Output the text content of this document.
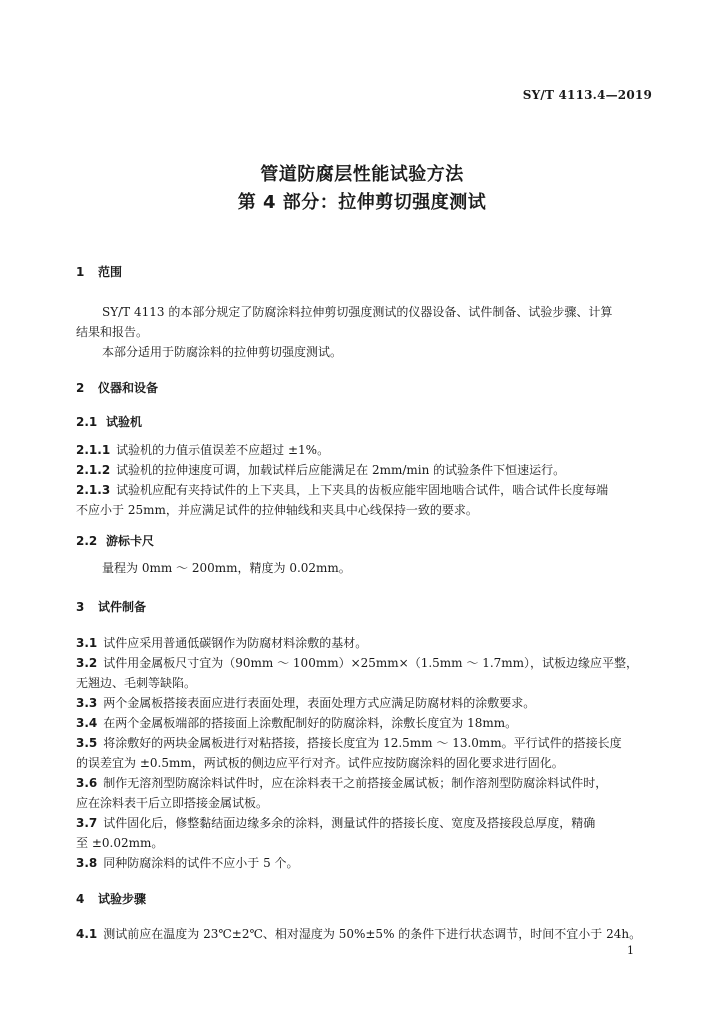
SY/T 4113.4—2019
管道防腐层性能试验方法
第 4 部分：拉伸剪切强度测试
1 范围
SY/T 4113 的本部分规定了防腐涂料拉伸剪切强度测试的仪器设备、试件制备、试验步骤、计算
结果和报告。
本部分适用于防腐涂料的拉伸剪切强度测试。
2 仪器和设备
2.1 试验机
2.1.1 试验机的力值示值误差不应超过 ±1%。
2.1.2 试验机的拉伸速度可调，加载试样后应能满足在 2mm/min 的试验条件下恒速运行。
2.1.3 试验机应配有夹持试件的上下夹具，上下夹具的齿板应能牢固地啮合试件，啮合试件长度每端
不应小于 25mm，并应满足试件的拉伸轴线和夹具中心线保持一致的要求。
2.2 游标卡尺
量程为 0mm ～ 200mm，精度为 0.02mm。
3 试件制备
3.1 试件应采用普通低碳钢作为防腐材料涂敷的基材。
3.2 试件用金属板尺寸宜为（90mm ～ 100mm）×25mm×（1.5mm ～ 1.7mm），试板边缘应平整，
无翘边、毛刺等缺陷。
3.3 两个金属板搭接表面应进行表面处理，表面处理方式应满足防腐材料的涂敷要求。
3.4 在两个金属板端部的搭接面上涂敷配制好的防腐涂料，涂敷长度宜为 18mm。
3.5 将涂敷好的两块金属板进行对粘搭接，搭接长度宜为 12.5mm ～ 13.0mm。平行试件的搭接长度
的误差宜为 ±0.5mm，两试板的侧边应平行对齐。试件应按防腐涂料的固化要求进行固化。
3.6 制作无溶剂型防腐涂料试件时，应在涂料表干之前搭接金属试板；制作溶剂型防腐涂料试件时，
应在涂料表干后立即搭接金属试板。
3.7 试件固化后，修整黏结面边缘多余的涂料，测量试件的搭接长度、宽度及搭接段总厚度，精确
至 ±0.02mm。
3.8 同种防腐涂料的试件不应小于 5 个。
4 试验步骤
4.1 测试前应在温度为 23℃±2℃、相对湿度为 50%±5% 的条件下进行状态调节，时间不宜小于 24h。
1
